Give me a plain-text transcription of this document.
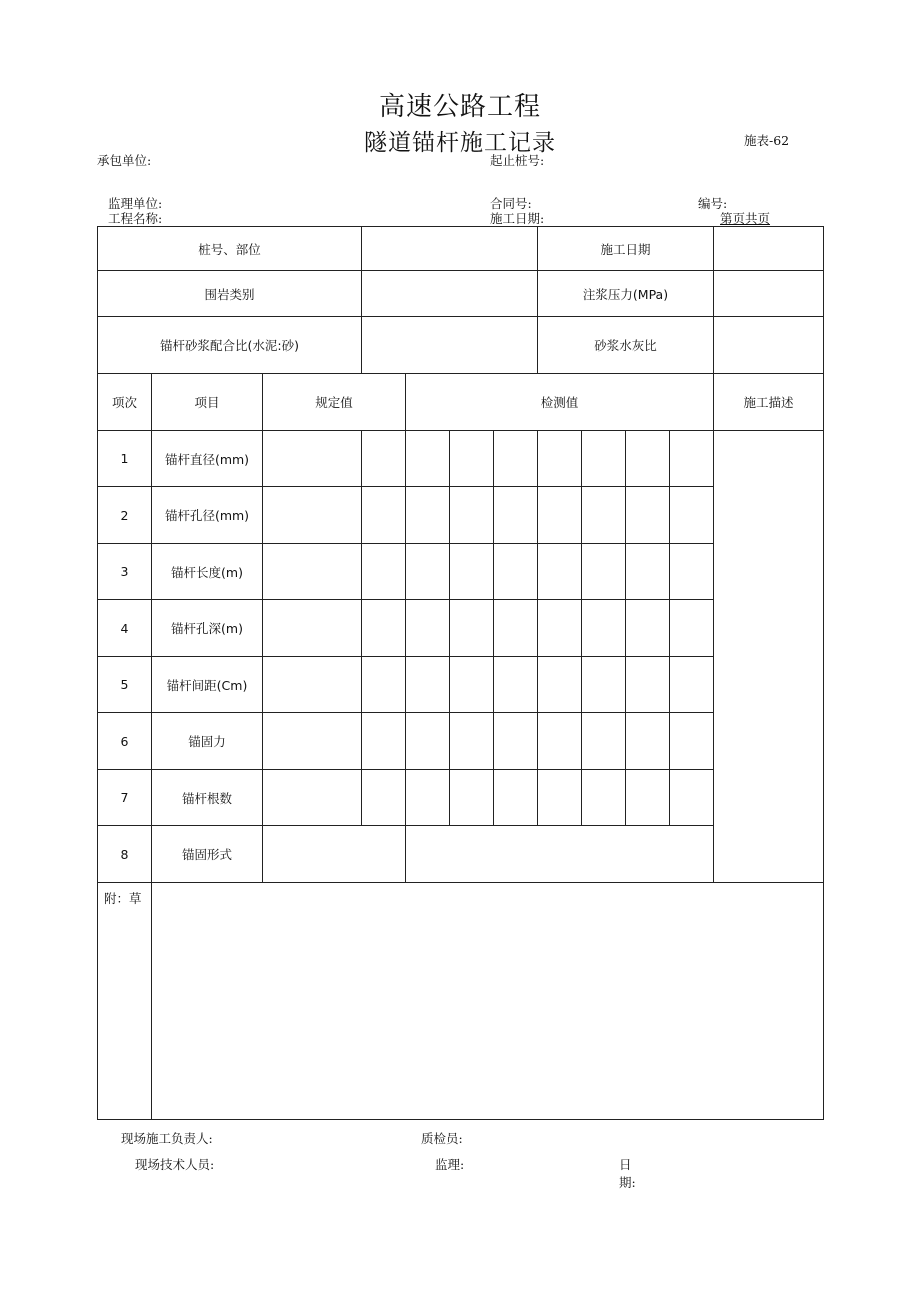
高速公路工程
隧道锚杆施工记录	施表-62
承包单位:	起止桩号:
监理单位:	合同号:	编号:
工程名称:	施工日期:	第页共页
桩号、部位							施工日期				
围岩类别							注浆压力(MPa)				
锚杆砂浆配合比(水泥:砂)							砂浆水灰比				
项次	项目	规定值		检测值							施工描述
1	锚杆直径(mm)										
2	锚杆孔径(mm)										
3	锚杆长度(m)										
4	锚杆孔深(m)										
5	锚杆间距(Cm)										
6	锚固力										
7	锚杆根数										
8	锚固形式										
附：草											
现场施工负责人:	质检员:
现场技术人员:	监理:	日
期:
